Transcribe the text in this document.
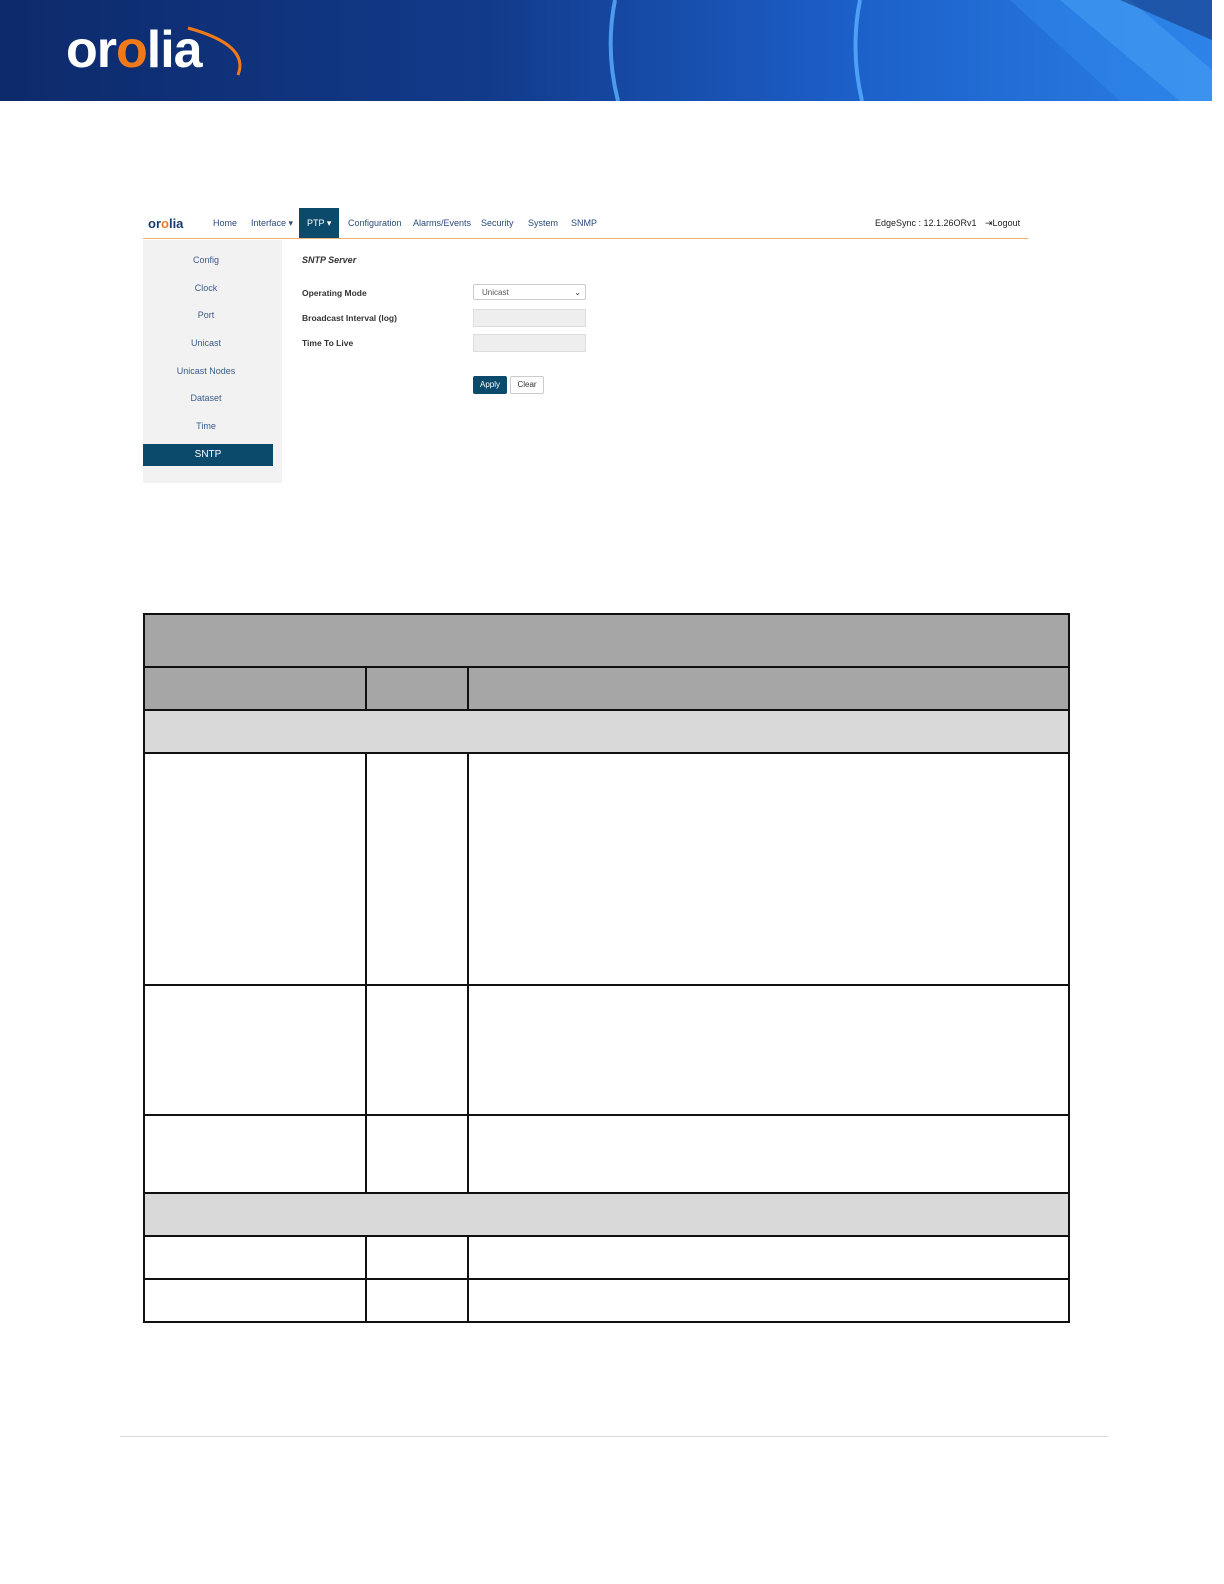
orolia
orolia	Home Interface ▾	PTP ▾	Configuration Alarms/Events Security System SNMP	EdgeSync : 12.1.26ORv1 ⇥Logout
Config
Clock
Port
Unicast
Unicast Nodes
Dataset
Time
SNTP
SNTP Server
Operating Mode	Unicast	⌄
Broadcast Interval (log)
Time To Live
Apply	Clear
